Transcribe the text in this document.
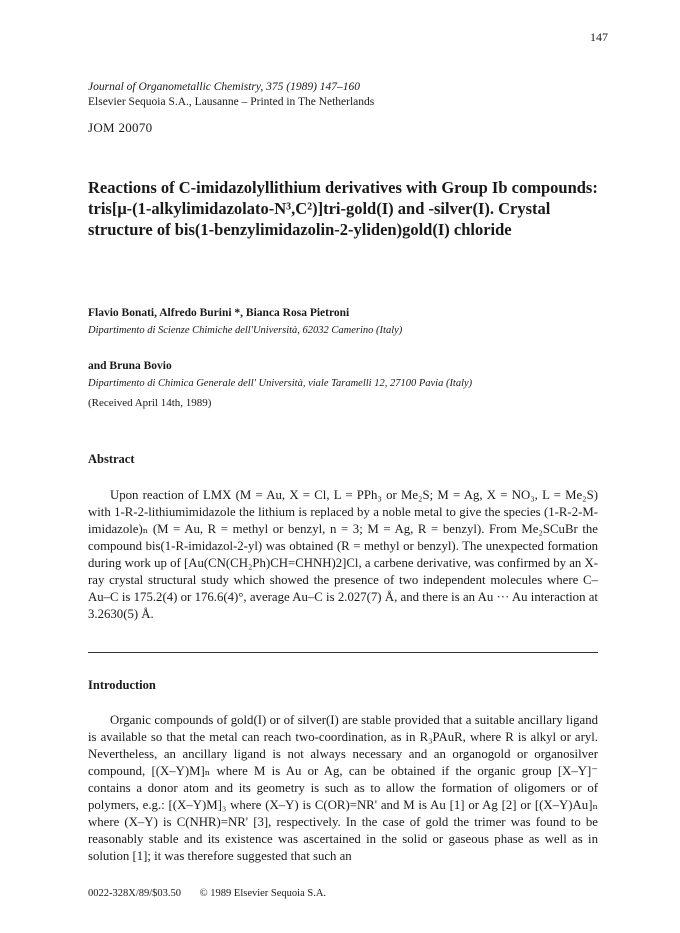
147
Journal of Organometallic Chemistry, 375 (1989) 147–160
Elsevier Sequoia S.A., Lausanne – Printed in The Netherlands
JOM 20070
Reactions of C-imidazolyllithium derivatives with Group Ib compounds: tris[μ-(1-alkylimidazolato-N³,C²)]tri-gold(I) and -silver(I). Crystal structure of bis(1-benzylimidazolin-2-yliden)gold(I) chloride
Flavio Bonati, Alfredo Burini *, Bianca Rosa Pietroni
Dipartimento di Scienze Chimiche dell'Università, 62032 Camerino (Italy)
and Bruna Bovio
Dipartimento di Chimica Generale dell' Università, viale Taramelli 12, 27100 Pavia (Italy)
(Received April 14th, 1989)
Abstract

Upon reaction of LMX (M = Au, X = Cl, L = PPh₃ or Me₂S; M = Ag, X = NO₃, L = Me₂S) with 1-R-2-lithiumimidazole the lithium is replaced by a noble metal to give the species (1-R-2-M-imidazole)ₙ (M = Au, R = methyl or benzyl, n = 3; M = Ag, R = benzyl). From Me₂SCuBr the compound bis(1-R-imidazol-2-yl) was obtained (R = methyl or benzyl). The unexpected formation during work up of [Au(CN(CH₂Ph)CH=CHNH)2]Cl, a carbene derivative, was confirmed by an X-ray crystal structural study which showed the presence of two independent molecules where C–Au–C is 175.2(4) or 176.6(4)°, average Au–C is 2.027(7) Å, and there is an Au ··· Au interaction at 3.2630(5) Å.

Introduction

Organic compounds of gold(I) or of silver(I) are stable provided that a suitable ancillary ligand is available so that the metal can reach two-coordination, as in R₃PAuR, where R is alkyl or aryl. Nevertheless, an ancillary ligand is not always necessary and an organogold or organosilver compound, [(X–Y)M]ₙ where M is Au or Ag, can be obtained if the organic group [X–Y]⁻ contains a donor atom and its geometry is such as to allow the formation of oligomers or of polymers, e.g.: [(X–Y)M]₃ where (X–Y) is C(OR)=NR' and M is Au [1] or Ag [2] or [(X–Y)Au]ₙ where (X–Y) is C(NHR)=NR' [3], respectively. In the case of gold the trimer was found to be reasonably stable and its existence was ascertained in the solid or gaseous phase as well as in solution [1]; it was therefore suggested that such an

0022-328X/89/$03.50 © 1989 Elsevier Sequoia S.A.
